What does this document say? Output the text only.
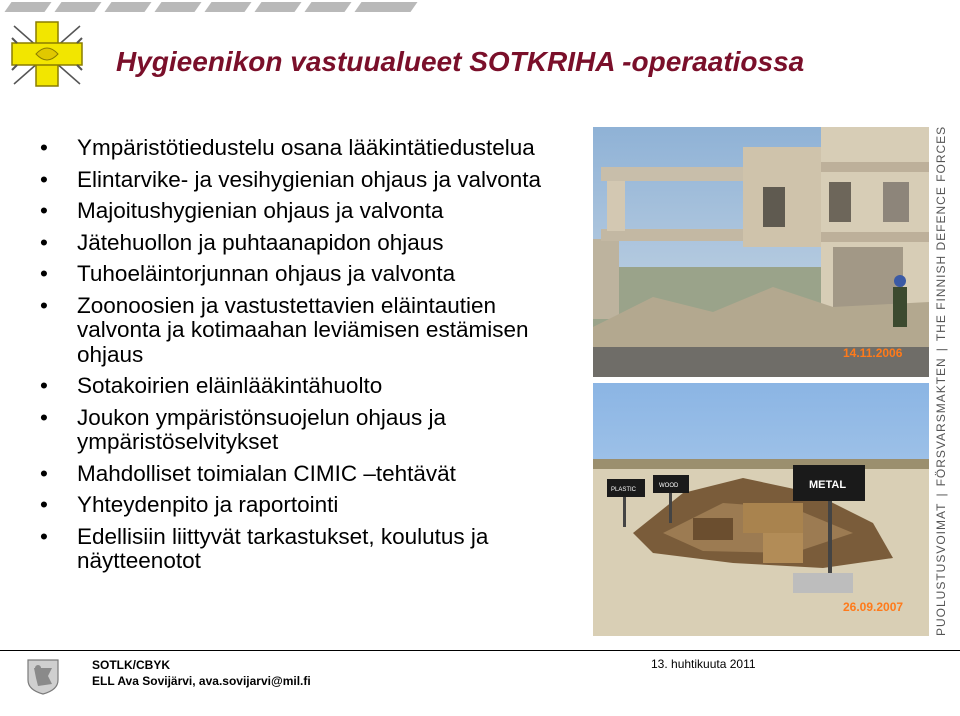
Hygieenikon vastuualueet SOTKRIHA -operaatiossa
• Ympäristötiedustelu osana lääkintätiedustelua
• Elintarvike- ja vesihygienian ohjaus ja valvonta
• Majoitushygienian ohjaus ja valvonta
• Jätehuollon ja puhtaanapidon ohjaus
• Tuhoeläintorjunnan ohjaus ja valvonta
• Zoonoosien ja vastustettavien eläintautien valvonta ja kotimaahan leviämisen estämisen ohjaus
• Sotakoirien eläinlääkintähuolto
• Joukon ympäristönsuojelun ohjaus ja ympäristöselvitykset
• Mahdolliset toimialan CIMIC –tehtävät
• Yhteydenpito ja raportointi
• Edellisiin liittyvät tarkastukset, koulutus ja näytteenotot
14.11.2006
METAL
PLASTIC
WOOD
26.09.2007	PUOLUSTUSVOIMAT|FÖRSVARSMAKTEN|THE FINNISH DEFENCE FORCES
SOTLK/CBYK
ELL Ava Sovijärvi, ava.sovijarvi@mil.fi
13. huhtikuuta 2011
